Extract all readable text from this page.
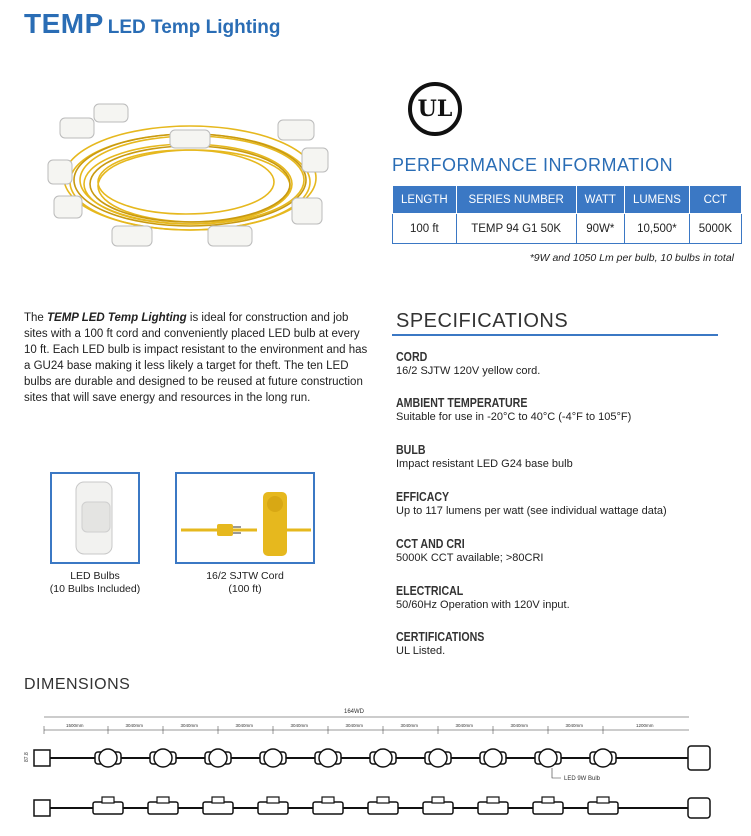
TEMP LED Temp Lighting
UL
PERFORMANCE INFORMATION
LENGTH	SERIES NUMBER	WATT	LUMENS	CCT
100 ft	TEMP 94 G1 50K	90W*	10,500*	5000K
*9W and 1050 Lm per bulb, 10 bulbs in total

The TEMP LED Temp Lighting is ideal for construction and job sites with a 100 ft cord and conveniently placed LED bulb at every 10 ft. Each LED bulb is impact resistant to the environment and has a GU24 base making it less likely a target for theft. The ten LED bulbs are durable and designed to be reused at future construction sites that will save energy and resources in the long run.

SPECIFICATIONS
CORD
16/2 SJTW 120V yellow cord.
AMBIENT TEMPERATURE
Suitable for use in -20°C to 40°C (-4°F to 105°F)
BULB
Impact resistant LED G24 base bulb
EFFICACY
Up to 117 lumens per watt (see individual wattage data)
CCT AND CRI
5000K CCT available; >80CRI
ELECTRICAL
50/60Hz Operation with 120V input.
CERTIFICATIONS
UL Listed.
LED Bulbs
(10 Bulbs Included)
16/2 SJTW Cord
(100 ft)
DIMENSIONS
164WD
87.8
LED 9W Bulb
1500mm	3040mm	3040mm	3040mm	3040mm	3040mm	3040mm	3040mm	3040mm	3040mm	1200mm
